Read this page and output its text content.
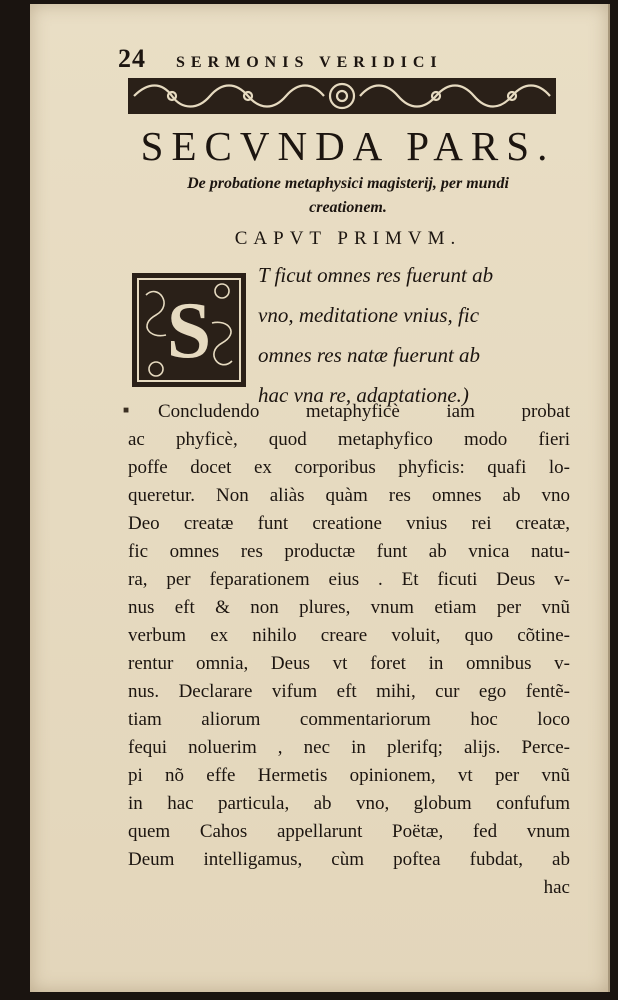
24 SERMONIS VERIDICI
SECVNDA PARS.
De probatione metaphysici magisterij, per mundi
creationem.
CAPVT PRIMVM.
S
T ficut omnes res fuerunt ab
vno, meditatione vnius, fic
omnes res natæ fuerunt ab
hac vna re, adaptatione.)
■	Concludendo metaphyficè iam probat
ac phyficè, quod metaphyfico modo fieri
poffe docet ex corporibus phyficis: quafi lo-
queretur. Non aliàs quàm res omnes ab vno
Deo creatæ funt creatione vnius rei creatæ,
fic omnes res productæ funt ab vnica natu-
ra, per feparationem eius . Et ficuti Deus v-
nus eft & non plures, vnum etiam per vnũ
verbum ex nihilo creare voluit, quo cõtine-
rentur omnia, Deus vt foret in omnibus v-
nus. Declarare vifum eft mihi, cur ego fentẽ-
tiam aliorum commentariorum hoc loco
fequi noluerim , nec in plerifq; alijs. Perce-
pi nõ effe Hermetis opinionem, vt per vnũ
in hac particula, ab vno, globum confufum
quem Cahos appellarunt Poëtæ, fed vnum
Deum intelligamus, cùm poftea fubdat, ab
hac
